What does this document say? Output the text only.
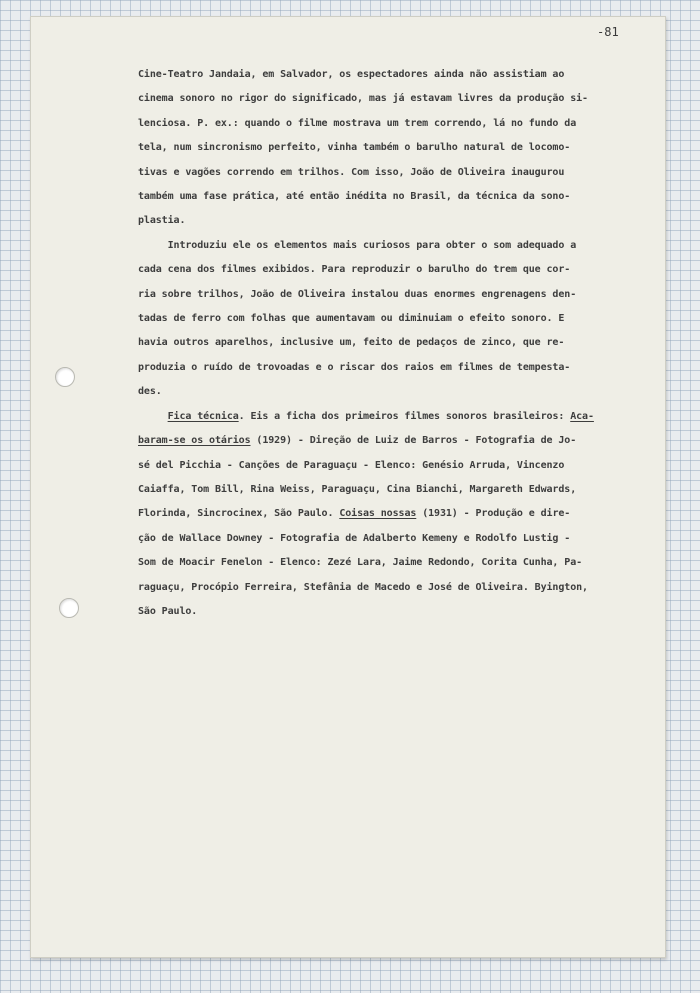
-81
Cine-Teatro Jandaia, em Salvador, os espectadores ainda não assistiam ao
cinema sonoro no rigor do significado, mas já estavam livres da produção si-
lenciosa. P. ex.: quando o filme mostrava um trem correndo, lá no fundo da
tela, num sincronismo perfeito, vinha também o barulho natural de locomo-
tivas e vagões correndo em trilhos. Com isso, João de Oliveira inaugurou
também uma fase prática, até então inédita no Brasil, da técnica da sono-
plastia.
Introduziu ele os elementos mais curiosos para obter o som adequado a
cada cena dos filmes exibidos. Para reproduzir o barulho do trem que cor-
ria sobre trilhos, João de Oliveira instalou duas enormes engrenagens den-
tadas de ferro com folhas que aumentavam ou diminuiam o efeito sonoro. E
havia outros aparelhos, inclusive um, feito de pedaços de zinco, que re-
produzia o ruído de trovoadas e o riscar dos raios em filmes de tempesta-
des.
Fica técnica. Eis a ficha dos primeiros filmes sonoros brasileiros: Aca-
baram-se os otários (1929) - Direção de Luiz de Barros - Fotografia de Jo-
sé del Picchia - Canções de Paraguaçu - Elenco: Genésio Arruda, Vincenzo
Caiaffa, Tom Bill, Rina Weiss, Paraguaçu, Cina Bianchi, Margareth Edwards,
Florinda, Sincrocinex, São Paulo. Coisas nossas (1931) - Produção e dire-
ção de Wallace Downey - Fotografia de Adalberto Kemeny e Rodolfo Lustig -
Som de Moacir Fenelon - Elenco: Zezé Lara, Jaime Redondo, Corita Cunha, Pa-
raguaçu, Procópio Ferreira, Stefânia de Macedo e José de Oliveira. Byington,
São Paulo.
